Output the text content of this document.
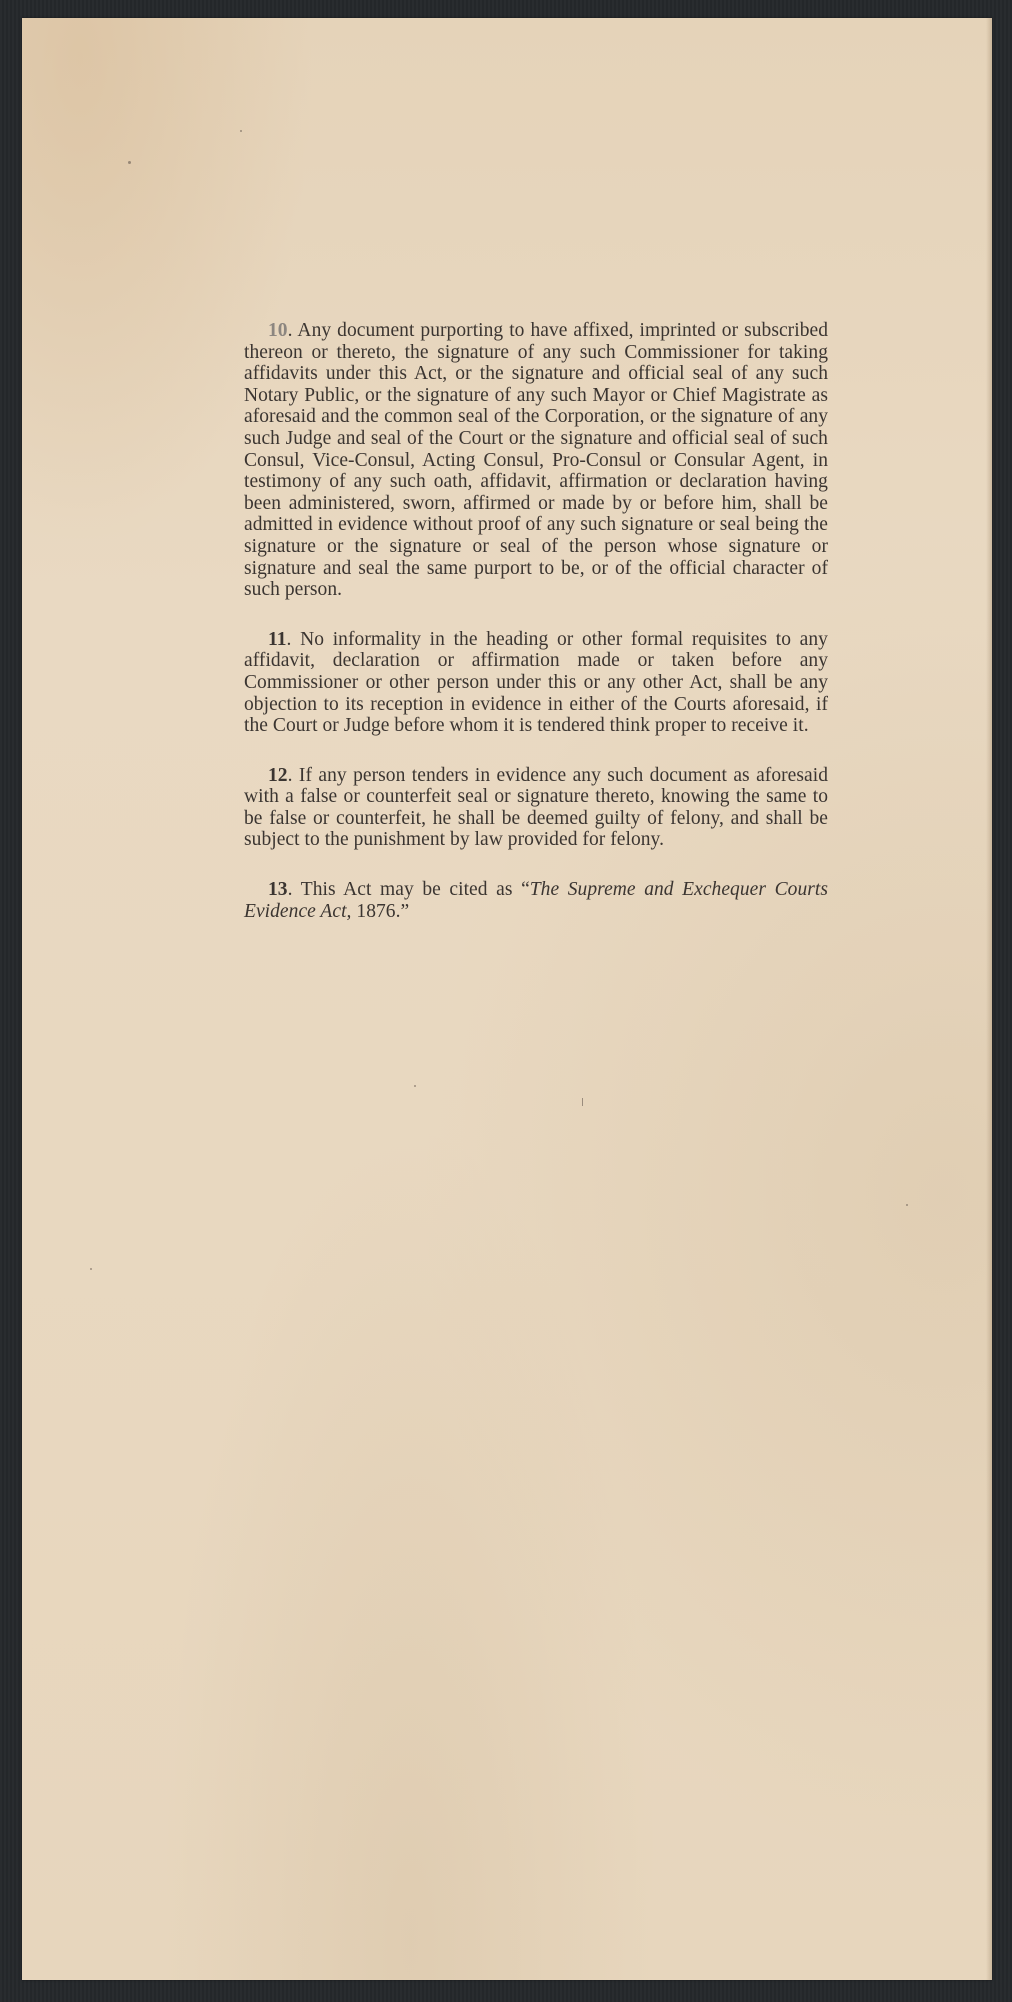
10. Any document purporting to have affixed, imprinted or subscribed thereon or thereto, the signature of any such Commissioner for taking affidavits under this Act, or the signature and official seal of any such Notary Public, or the signature of any such Mayor or Chief Magistrate as aforesaid and the common seal of the Corporation, or the signature of any such Judge and seal of the Court or the signature and official seal of such Consul, Vice-Consul, Acting Consul, Pro-Consul or Consular Agent, in testimony of any such oath, affidavit, affirmation or declaration having been administered, sworn, affirmed or made by or before him, shall be admitted in evidence without proof of any such signature or seal being the signature or the signature or seal of the person whose signature or signature and seal the same purport to be, or of the official character of such person.

11. No informality in the heading or other formal requisites to any affidavit, declaration or affirmation made or taken before any Commissioner or other person under this or any other Act, shall be any objection to its reception in evidence in either of the Courts aforesaid, if the Court or Judge before whom it is tendered think proper to receive it.

12. If any person tenders in evidence any such document as aforesaid with a false or counterfeit seal or signature thereto, knowing the same to be false or counterfeit, he shall be deemed guilty of felony, and shall be subject to the punishment by law provided for felony.

13. This Act may be cited as “The Supreme and Exchequer Courts Evidence Act, 1876.”
